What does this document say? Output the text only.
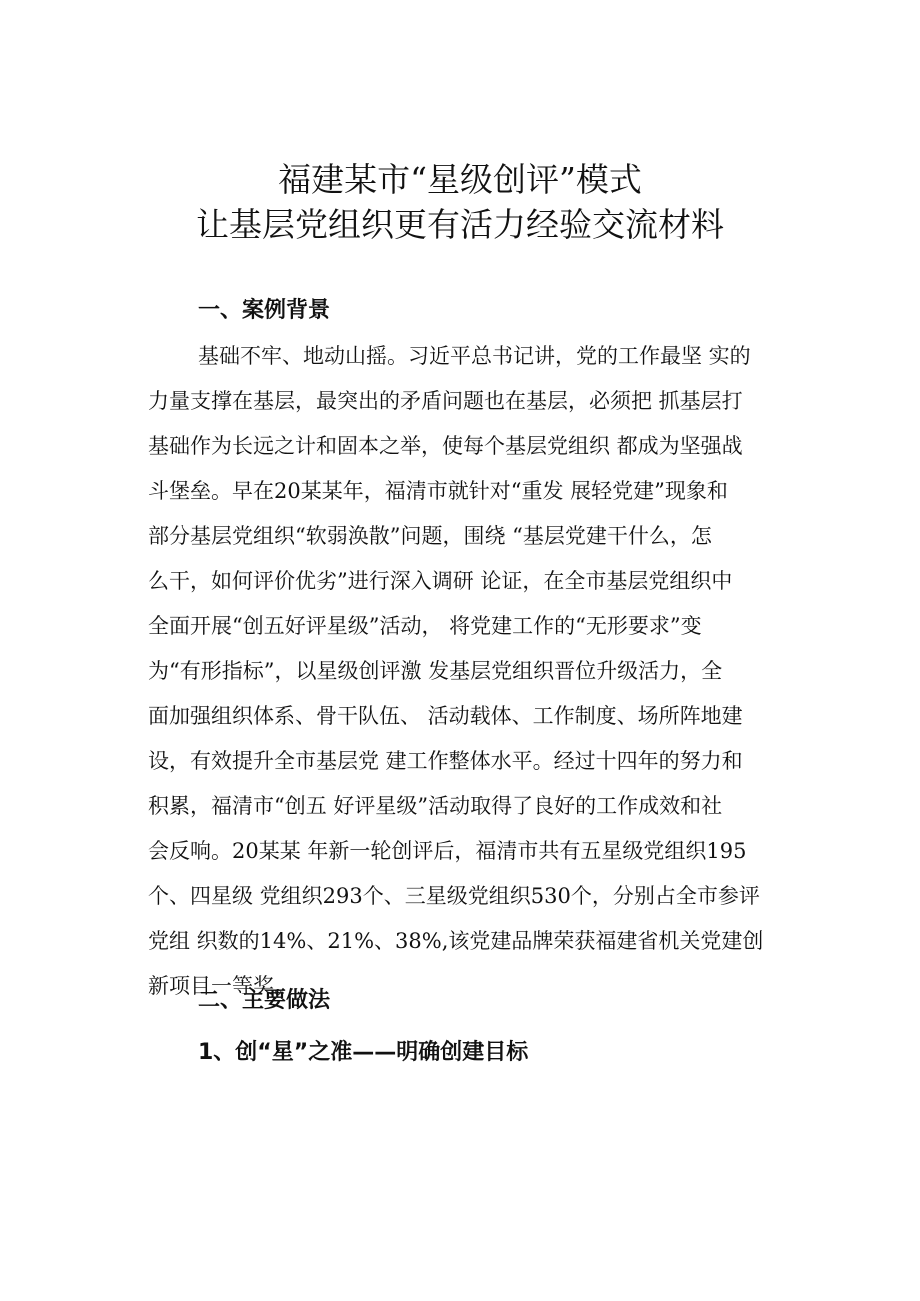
福建某市“星级创评”模式
让基层党组织更有活力经验交流材料
一、案例背景
基础不牢、地动山摇。习近平总书记讲，党的工作最坚 实的
力量支撑在基层，最突出的矛盾问题也在基层，必须把 抓基层打
基础作为长远之计和固本之举，使每个基层党组织 都成为坚强战
斗堡垒。早在20某某年，福清市就针对“重发 展轻党建”现象和
部分基层党组织“软弱涣散”问题，围绕 “基层党建干什么，怎
么干，如何评价优劣”进行深入调研 论证，在全市基层党组织中
全面开展“创五好评星级”活动， 将党建工作的“无形要求”变
为“有形指标”，以星级创评激 发基层党组织晋位升级活力，全
面加强组织体系、骨干队伍、 活动载体、工作制度、场所阵地建
设，有效提升全市基层党 建工作整体水平。经过十四年的努力和
积累，福清市“创五 好评星级”活动取得了良好的工作成效和社
会反响。20某某 年新一轮创评后，福清市共有五星级党组织195
个、四星级 党组织293个、三星级党组织530个，分别占全市参评
党组 织数的14%、21%、38%,该党建品牌荣获福建省机关党建创
新项目一等奖。
二、主要做法
1、创“星”之准——明确创建目标
